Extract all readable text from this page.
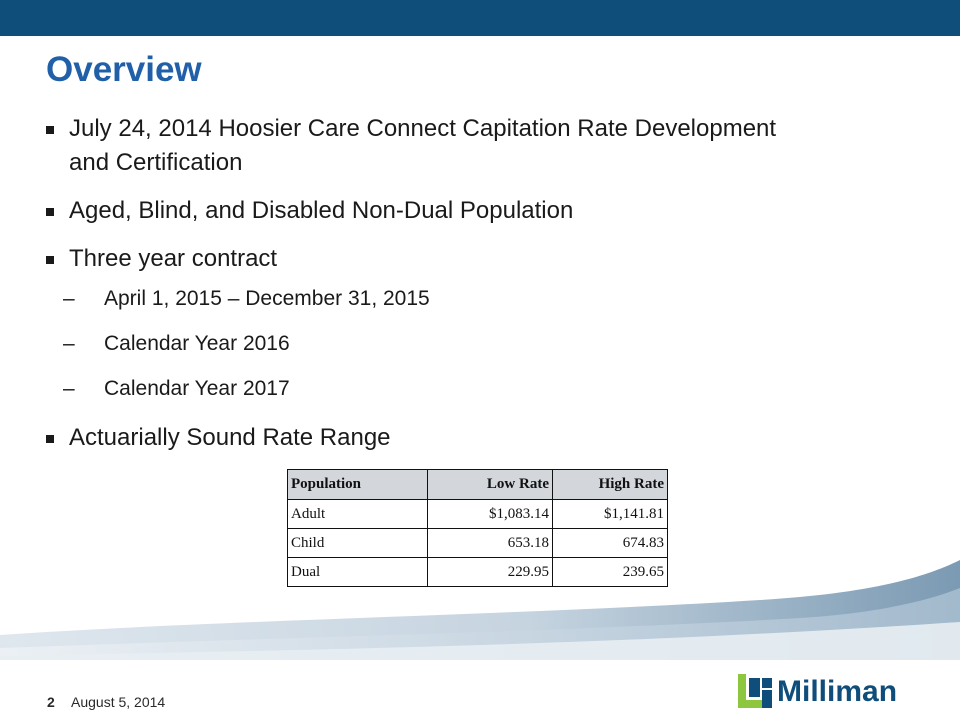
Overview
July 24, 2014 Hoosier Care Connect Capitation Rate Development and Certification
Aged, Blind, and Disabled Non-Dual Population
Three year contract
– April 1, 2015 – December 31, 2015
– Calendar Year 2016
– Calendar Year 2017
Actuarially Sound Rate Range
Population	Low Rate	High Rate
Adult	$1,083.14	$1,141.81
Child	653.18	674.83
Dual	229.95	239.65
2 August 5, 2014	Milliman
